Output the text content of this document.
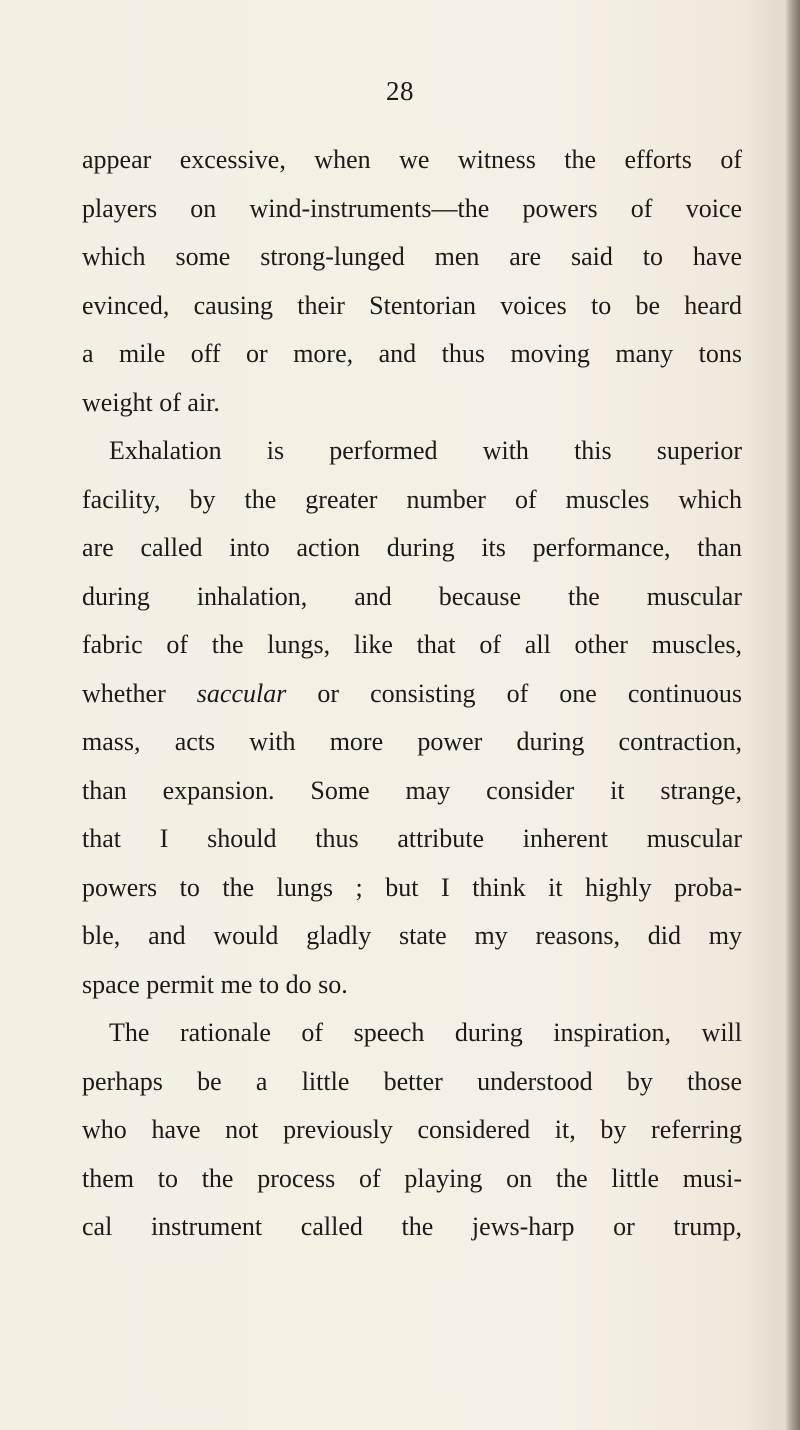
28
appear excessive, when we witness the efforts of
players on wind-instruments—the powers of voice
which some strong-lunged men are said to have
evinced, causing their Stentorian voices to be heard
a mile off or more, and thus moving many tons
weight of air.
Exhalation is performed with this superior
facility, by the greater number of muscles which
are called into action during its performance, than
during inhalation, and because the muscular
fabric of the lungs, like that of all other muscles,
whether saccular or consisting of one continuous
mass, acts with more power during contraction,
than expansion. Some may consider it strange,
that I should thus attribute inherent muscular
powers to the lungs ; but I think it highly proba-
ble, and would gladly state my reasons, did my
space permit me to do so.
The rationale of speech during inspiration, will
perhaps be a little better understood by those
who have not previously considered it, by referring
them to the process of playing on the little musi-
cal instrument called the jews-harp or trump,
